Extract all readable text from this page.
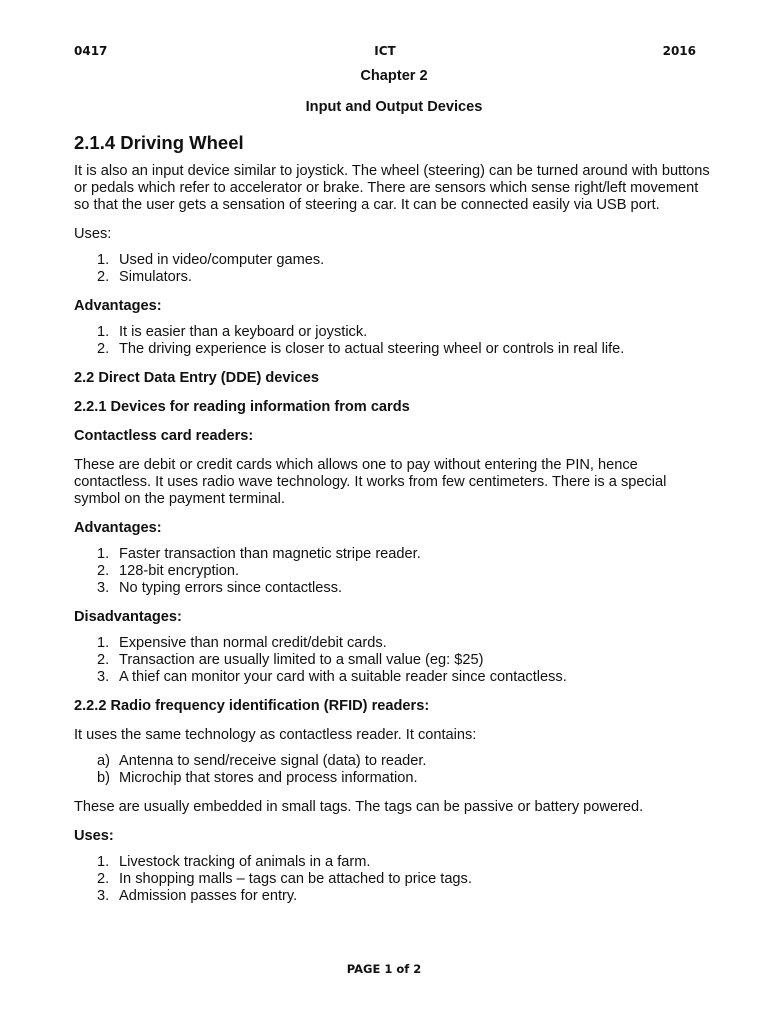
0417	ICT	2016
Chapter 2
Input and Output Devices
2.1.4 Driving Wheel

It is also an input device similar to joystick. The wheel (steering) can be turned around with buttons or pedals which refer to accelerator or brake. There are sensors which sense right/left movement so that the user gets a sensation of steering a car. It can be connected easily via USB port.

Uses:

1. Used in video/computer games.
2. Simulators.

Advantages:

1. It is easier than a keyboard or joystick.
2. The driving experience is closer to actual steering wheel or controls in real life.

2.2 Direct Data Entry (DDE) devices

2.2.1 Devices for reading information from cards

Contactless card readers:

These are debit or credit cards which allows one to pay without entering the PIN, hence contactless. It uses radio wave technology. It works from few centimeters. There is a special symbol on the payment terminal.

Advantages:

1. Faster transaction than magnetic stripe reader.
2. 128-bit encryption.
3. No typing errors since contactless.

Disadvantages:

1. Expensive than normal credit/debit cards.
2. Transaction are usually limited to a small value (eg: $25)
3. A thief can monitor your card with a suitable reader since contactless.

2.2.2 Radio frequency identification (RFID) readers:

It uses the same technology as contactless reader. It contains:

a) Antenna to send/receive signal (data) to reader.
b) Microchip that stores and process information.

These are usually embedded in small tags. The tags can be passive or battery powered.

Uses:

1. Livestock tracking of animals in a farm.
2. In shopping malls – tags can be attached to price tags.
3. Admission passes for entry.
PAGE 1 of 2
